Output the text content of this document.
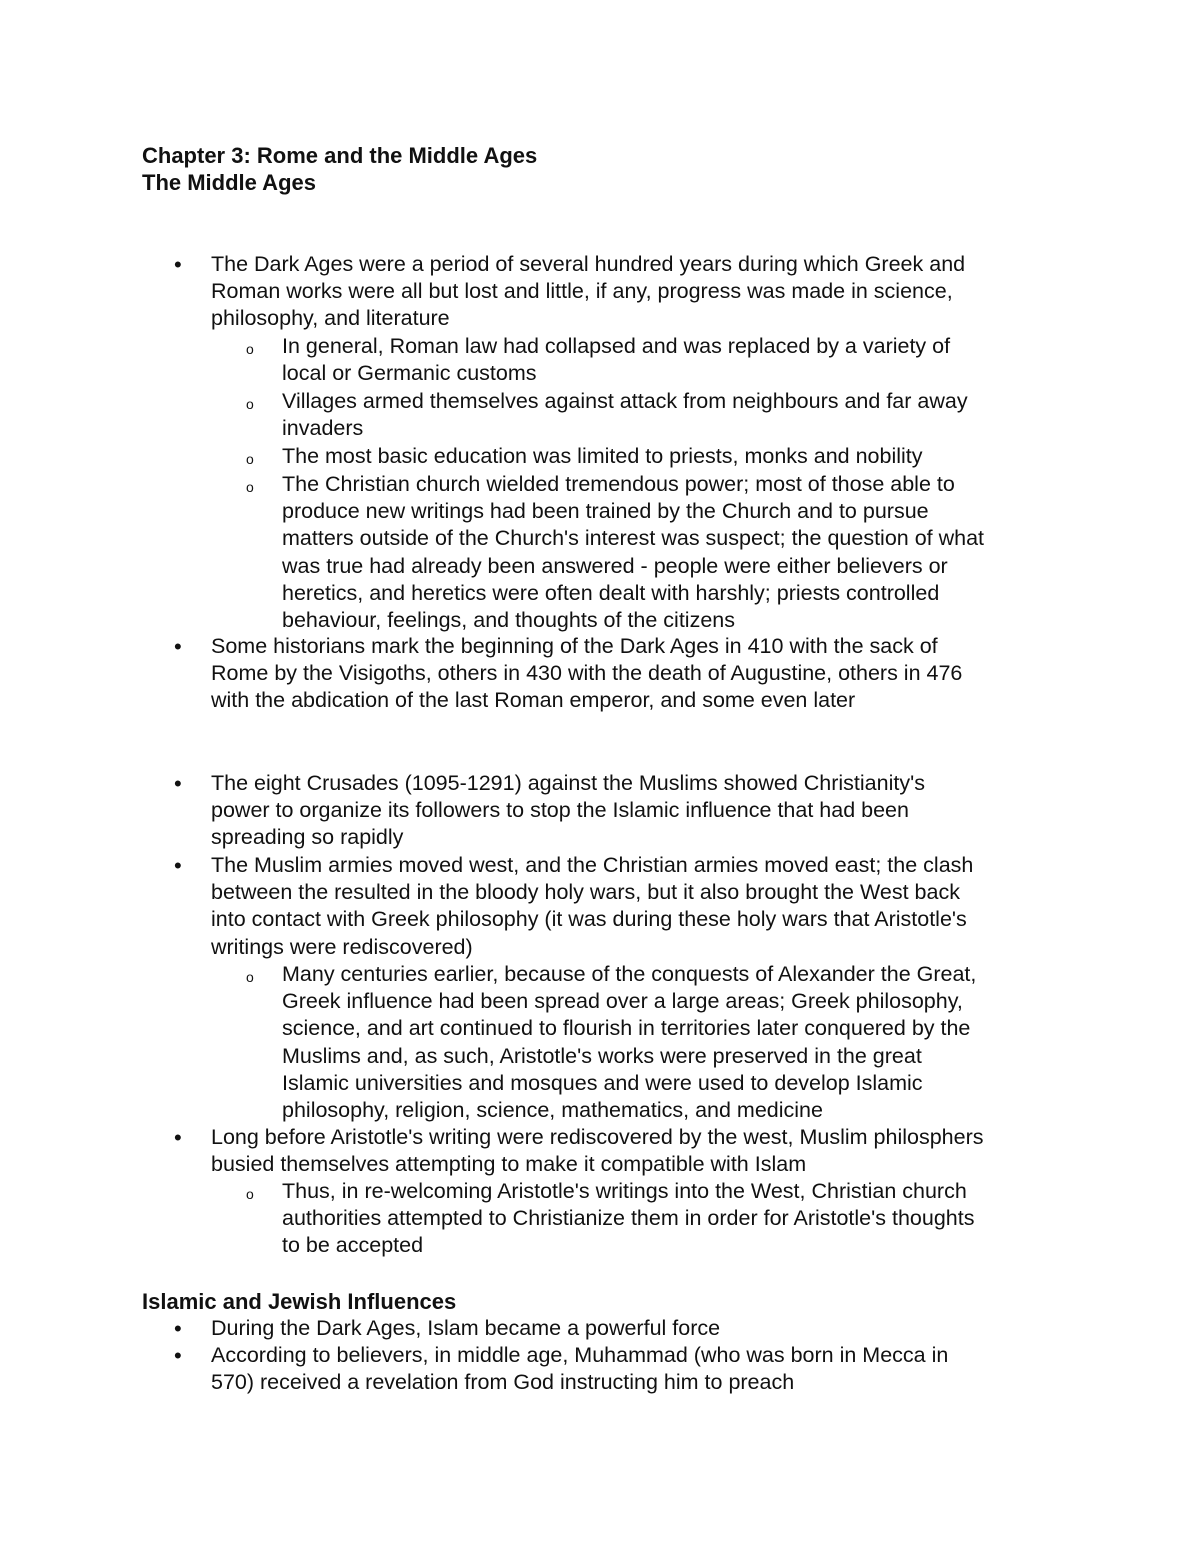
Chapter 3: Rome and the Middle Ages
The Middle Ages
• The Dark Ages were a period of several hundred years during which Greek and
Roman works were all but lost and little, if any, progress was made in science,
philosophy, and literature

o In general, Roman law had collapsed and was replaced by a variety of
local or Germanic customs

o Villages armed themselves against attack from neighbours and far away
invaders

o The most basic education was limited to priests, monks and nobility

o The Christian church wielded tremendous power; most of those able to
produce new writings had been trained by the Church and to pursue
matters outside of the Church's interest was suspect; the question of what
was true had already been answered - people were either believers or
heretics, and heretics were often dealt with harshly; priests controlled
behaviour, feelings, and thoughts of the citizens

• Some historians mark the beginning of the Dark Ages in 410 with the sack of
Rome by the Visigoths, others in 430 with the death of Augustine, others in 476
with the abdication of the last Roman emperor, and some even later

• The eight Crusades (1095-1291) against the Muslims showed Christianity's
power to organize its followers to stop the Islamic influence that had been
spreading so rapidly

• The Muslim armies moved west, and the Christian armies moved east; the clash
between the resulted in the bloody holy wars, but it also brought the West back
into contact with Greek philosophy (it was during these holy wars that Aristotle's
writings were rediscovered)

o Many centuries earlier, because of the conquests of Alexander the Great,
Greek influence had been spread over a large areas; Greek philosophy,
science, and art continued to flourish in territories later conquered by the
Muslims and, as such, Aristotle's works were preserved in the great
Islamic universities and mosques and were used to develop Islamic
philosophy, religion, science, mathematics, and medicine

• Long before Aristotle's writing were rediscovered by the west, Muslim philosphers
busied themselves attempting to make it compatible with Islam

o Thus, in re-welcoming Aristotle's writings into the West, Christian church
authorities attempted to Christianize them in order for Aristotle's thoughts
to be accepted

Islamic and Jewish Influences
• During the Dark Ages, Islam became a powerful force

• According to believers, in middle age, Muhammad (who was born in Mecca in
570) received a revelation from God instructing him to preach
